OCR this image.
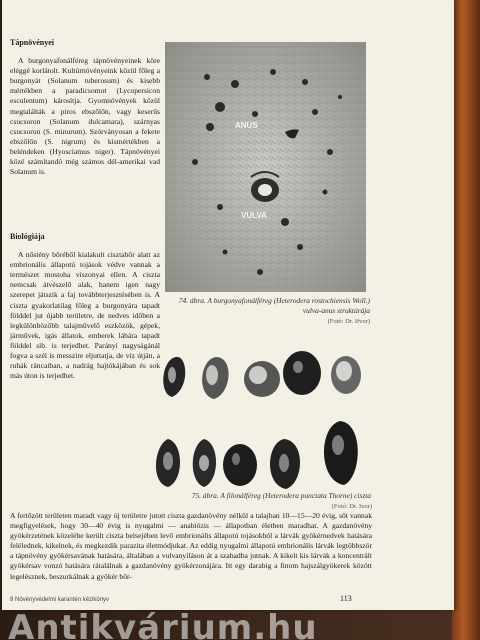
Tápnövényei

A burgonyafonálféreg tápnövényeinek köre eléggé korlátolt. Kultúrnövényeink közül főleg a burgonyát (Solanum tuberosum) és kisebb mértékben a paradicsomot (Lycopersicon esculentum) károsítja. Gyomnövények közül megtalálták a piros ebszőlőn, vagy keserűs csucsoron (Solanum dulcamara), szárnyas csucsoron (S. minurum). Szórványosan a fekete ebszőlőn (S. nigrum) és kismértékben a beléndeken (Hyosciamus niger). Tápnövényei közé számítandó még számos dél-amerikai vad Solanum is.

Biológiája

A nőstény bőréből kialakult cisztabőr alatt az embrionális állapotú tojások védve vannak a természet mostoha viszonyai ellen. A ciszta nemcsak átvészelő alak, hanem igen nagy szerepet játszik a faj továbbterjesztésében is. A ciszta gyakorlatilag főleg a burgonyára tapadt földdel jut újabb területre, de nedves időben a legkülönbözőbb talajművelő eszközök, gépek, járművek, igás állatok, emberek lábára tapadt földdel sib. is terjedhet. Parányi nagyságánál fogva a szél is messzire eljuttatja, de víz útján, a ruhák ráncaiban, a nadrág hajtókájában és sok más úton is terjedhet.

ANUS
VULVA
74. ábra. A burgonyafonálféreg (Heterodera rostochiensis Woll.) vulva-anus struktúrája
(Fotó: Dr. Ifvor)
75. ábra. A filonálféreg (Heterodera punctata Thorne) ciszta
(Fotó: Dr. Ivor)
A fertőzött területen maradt vagy új területre jutott ciszta gazdanövény nélkül a talajban 10—15—20 évig, sőt vannak megfigyelések, hogy 30—40 évig is nyugalmi — anabiózis — állapotban életben maradhat. A gazdanövény gyökérzetének közelébe került ciszta belsejében levő embrionális állapotú tojásokból a lárvák gyökérnedvek hatására felélednek, kikelnek, és megkezdik parazita életmódjukat. Az eddig nyugalmi állapotú embrionális lárvák legtöbbször a tápnövény gyökérsavának hatására, általában a vulvanyíláson át a szabadba jutnak. A kikelt kis lárvák a koncentrált gyökérsav vonzó hatására rátalálnak a gazdanövény gyökérzonájára. Itt egy darabig a finom hajszálgyökerek között legelésznek, beszurkálnak a gyökér bőr-
8 Növényvédelmi karantén kézikönyv	113
Antikvárium.hu
